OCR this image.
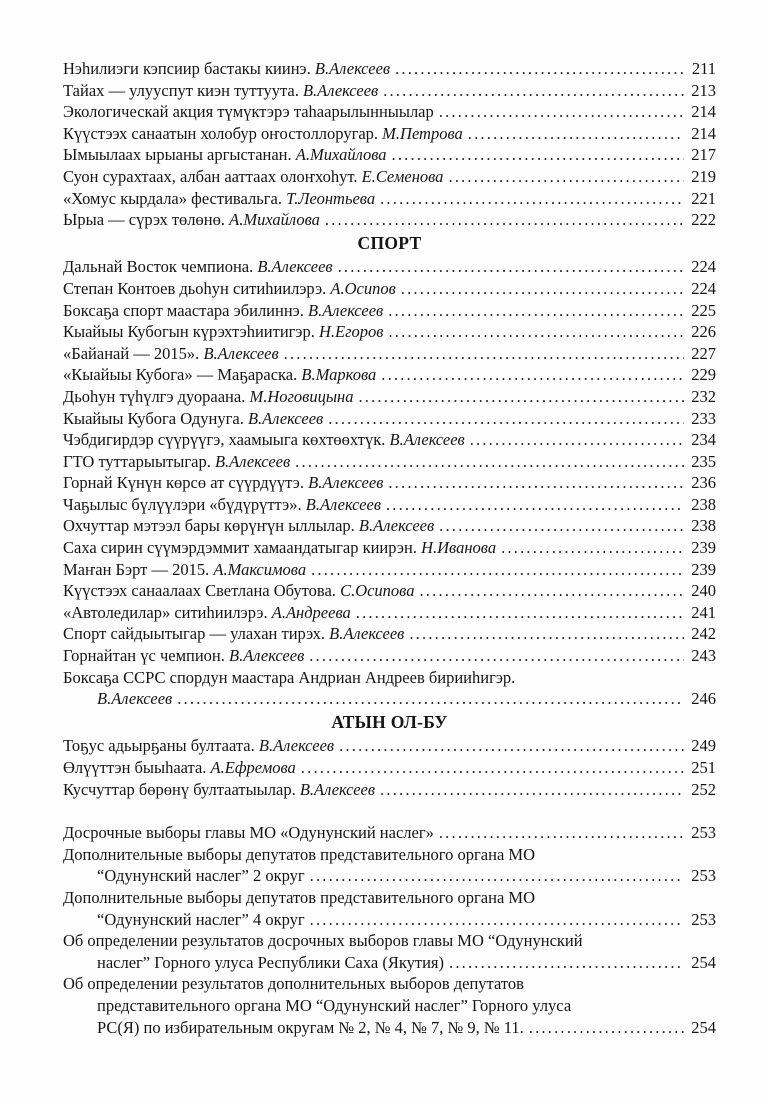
Нэһилиэги кэпсиир бастакы киинэ. В.Алексеев .....	211
Тайах — улууспут киэн туттуута. В.Алексеев .....	213
Экологическай акция түмүктэрэ таһаарылынныылар .....	214
Күүстээх санаатын холобур оҥостоллоругар. М.Петрова .....	214
Ымыылаах ырыаны аргыстанан. А.Михайлова .....	217
Суон сурахтаах, албан ааттаах олоҥхоһут. Е.Семенова .....	219
«Хомус кырдала» фестивальга. Т.Леонтьева .....	221
Ырыа — сүрэх төлөнө. А.Михайлова .....	222
СПОРТ
Дальнай Восток чемпиона. В.Алексеев .....	224
Степан Контоев дьоһун ситиһиилэрэ. А.Осипов .....	224
Боксаҕа спорт маастара эбилиннэ. В.Алексеев .....	225
Кыайыы Кубогын күрэхтэһиитигэр. Н.Егоров .....	226
«Байанай — 2015». В.Алексеев .....	227
«Кыайыы Кубога» — Маҕараска. В.Маркова .....	229
Дьоһун түһүлгэ дуораана. М.Ноговицына .....	232
Кыайыы Кубога Одунуга. В.Алексеев .....	233
Чэбдигирдэр сүүрүүгэ, хаамыыга көхтөөхтүк. В.Алексеев .....	234
ГТО туттарыытыгар. В.Алексеев .....	235
Горнай Күнүн көрсө ат сүүрдүүтэ. В.Алексеев .....	236
Чаҕылыс бүлүүлэри «бүдүрүттэ». В.Алексеев .....	238
Охчуттар мэтээл бары көрүҥүн ыллылар. В.Алексеев .....	238
Саха сирин сүүмэрдэммит хамаандатыгар киирэн. Н.Иванова .....	239
Маҥан Бэрт — 2015. А.Максимова .....	239
Күүстээх санаалаах Светлана Обутова. С.Осипова .....	240
«Автоледилар» ситиһиилэрэ. А.Андреева .....	241
Спорт сайдыытыгар — улахан тирэх. В.Алексеев .....	242
Горнайтан үс чемпион. В.Алексеев .....	243
Боксаҕа ССРС спордун маастара Андриан Андреев бирииһигэр.
В.Алексеев .....	246
АТЫН ОЛ-БУ
Тоҕус адьырҕаны бултаата. В.Алексеев .....	249
Өлүүттэн быыһаата. А.Ефремова .....	251
Кусчуттар бөрөнү бултаатыылар. В.Алексеев .....	252
Досрочные выборы главы МО «Одунунский наслег» .....	253
Дополнительные выборы депутатов представительного органа МО
“Одунунский наслег” 2 округ .....	253
Дополнительные выборы депутатов представительного органа МО
“Одунунский наслег” 4 округ .....	253
Об определении результатов досрочных выборов главы МО “Одунунский
наслег” Горного улуса Республики Саха (Якутия) .....	254
Об определении результатов дополнительных выборов депутатов
представительного органа МО “Одунунский наслег” Горного улуса
РС(Я) по избирательным округам № 2, № 4, № 7, № 9, № 11. .....	254
